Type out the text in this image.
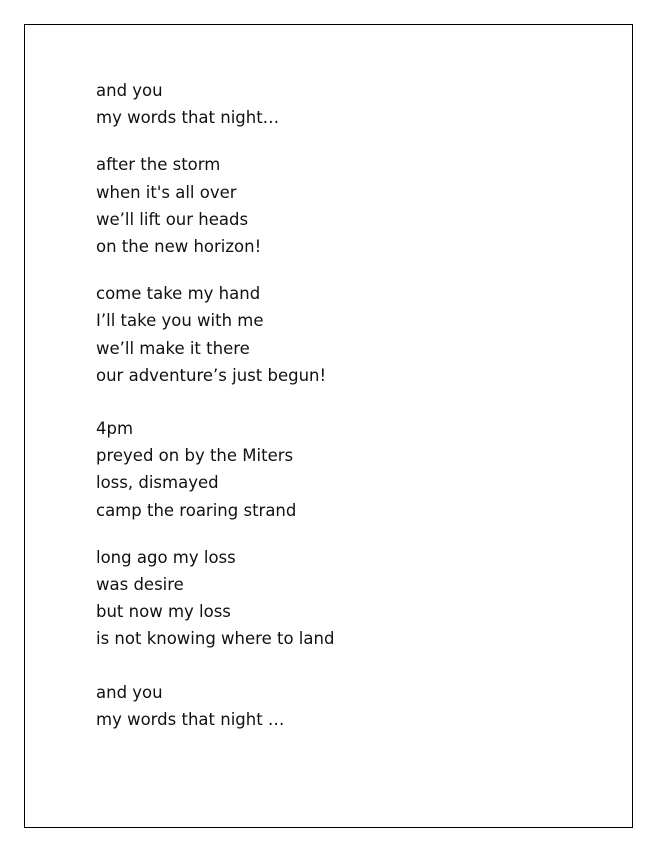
and you
my words that night…
after the storm
when it's all over
we’ll lift our heads
on the new horizon!
come take my hand
I’ll take you with me
we’ll make it there
our adventure’s just begun!
4pm
preyed on by the Miters
loss, dismayed
camp the roaring strand
long ago my loss
was desire
but now my loss
is not knowing where to land
and you
my words that night …
